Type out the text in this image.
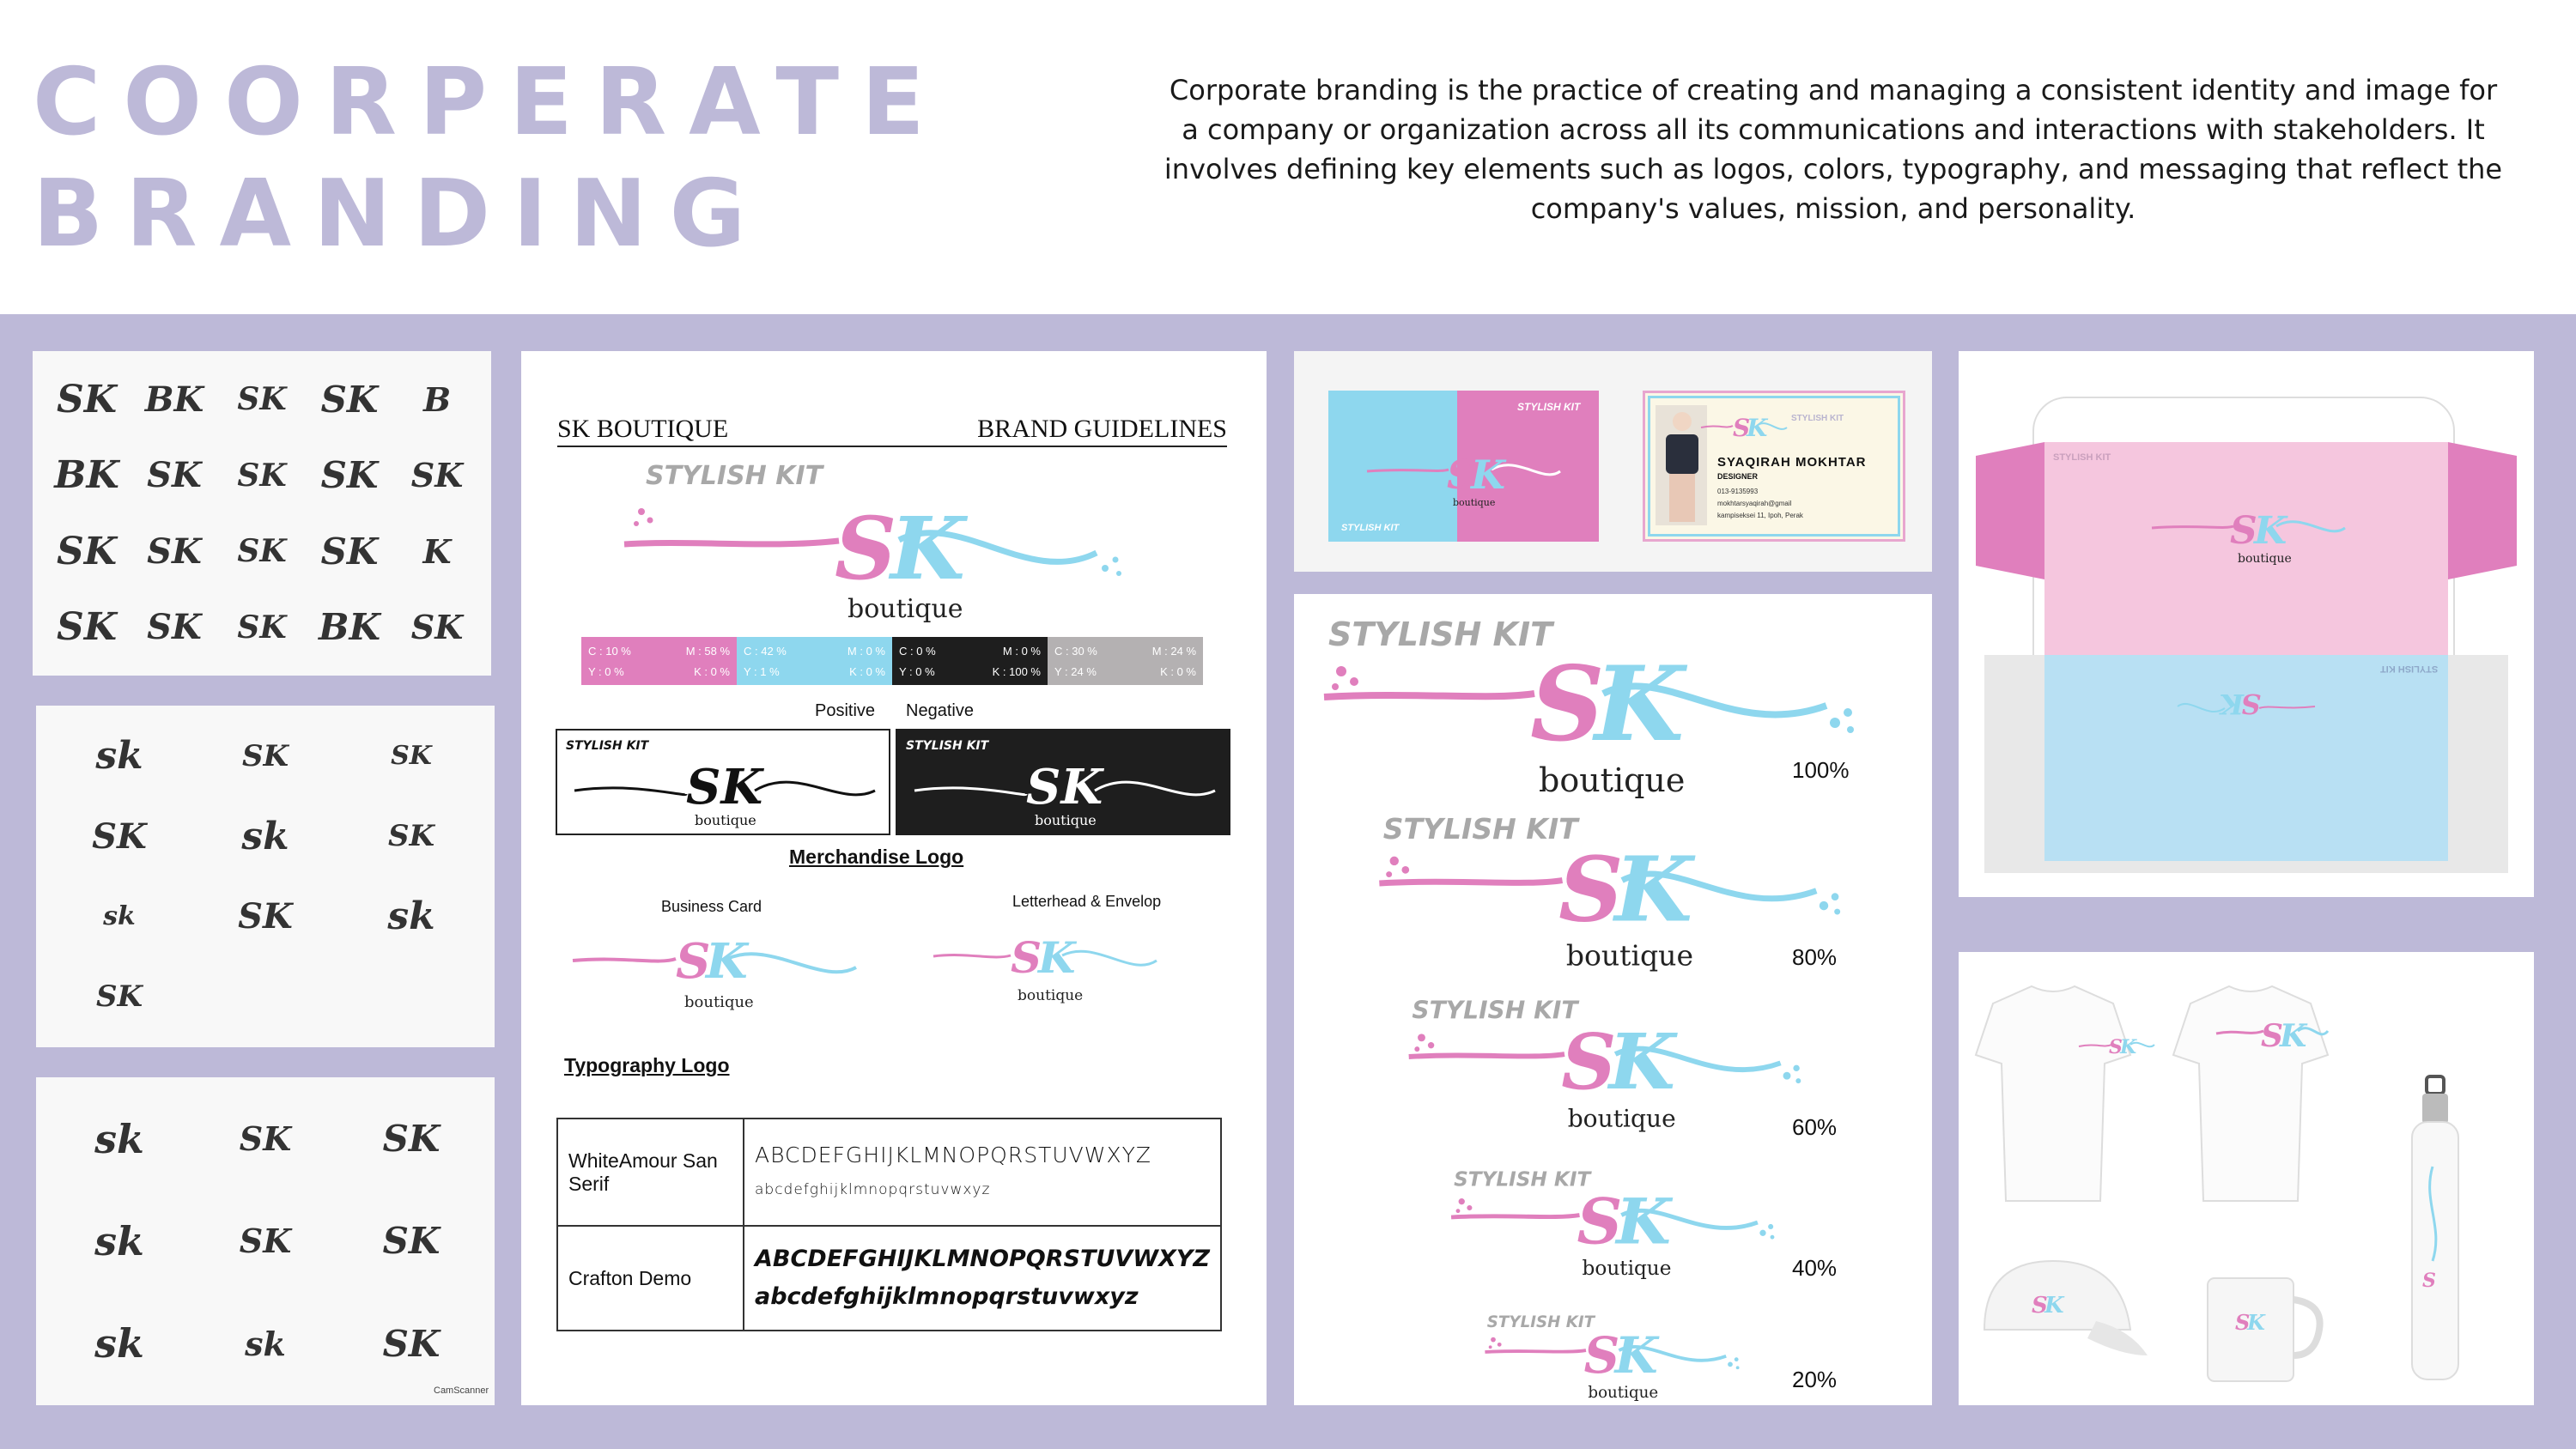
COORPERATE
BRANDING

Corporate branding is the practice of creating and managing a consistent identity and image for a company or organization across all its communications and interactions with stakeholders. It involves defining key elements such as logos, colors, typography, and messaging that reflect the company's values, mission, and personality.

SK BK	SK SK	B
BK SK	SK SK	SK
SK SK	SK SK	K
SK SK	SK BK SK
sk	SK	SK
SK	sk	SK
sk	SK	sk
SK
sk	SK	SK
sk	SK	SK
sk	sk	SK
CamScanner
SK BOUTIQUE	BRAND GUIDELINES
STYLISH KIT
S
K
boutique
C : 10 %	M : 58 %
Y : 0 %	K : 0 %
C : 42 %	M : 0 %
Y : 1 %	K : 0 %
C : 0 %	M : 0 %
Y : 0 %	K : 100 %
C : 30 %	M : 24 %
Y : 24 %	K : 0 %
Positive Negative
STYLISH KIT
SK
boutique
STYLISH KIT
SK
boutique
Merchandise Logo
Business Card	Letterhead & Envelop
S
K
boutique
S
K
boutique
Typography Logo
WhiteAmour San Serif	ABCDEFGHIJKLMNOPQRSTUVWXYZ
abcdefghijklmnopqrstuvwxyz

Crafton Demo	ABCDEFGHIJKLMNOPQRSTUVWXYZ
abcdefghijklmnopqrstuvwxyz
STYLISH KIT
STYLISH KIT
S
K
boutique
SYAQIRAH MOKHTAR
DESIGNER
013-9135993
mokhtarsyaqirah@gmail
kampiseksei 11, Ipoh, Perak
STYLISH KIT
S
K
STYLISH KIT
S
K
boutique
STYLISH KIT
S
K
boutique
STYLISH KIT
S
K
boutique
STYLISH KIT
S
K
boutique
STYLISH KIT
S
K
boutique
100%
80%
60%
40%
20%
STYLISH KIT
S
K
boutique
STYLISH KIT
S
K
S
K	S
K
S
K
S
K
S
